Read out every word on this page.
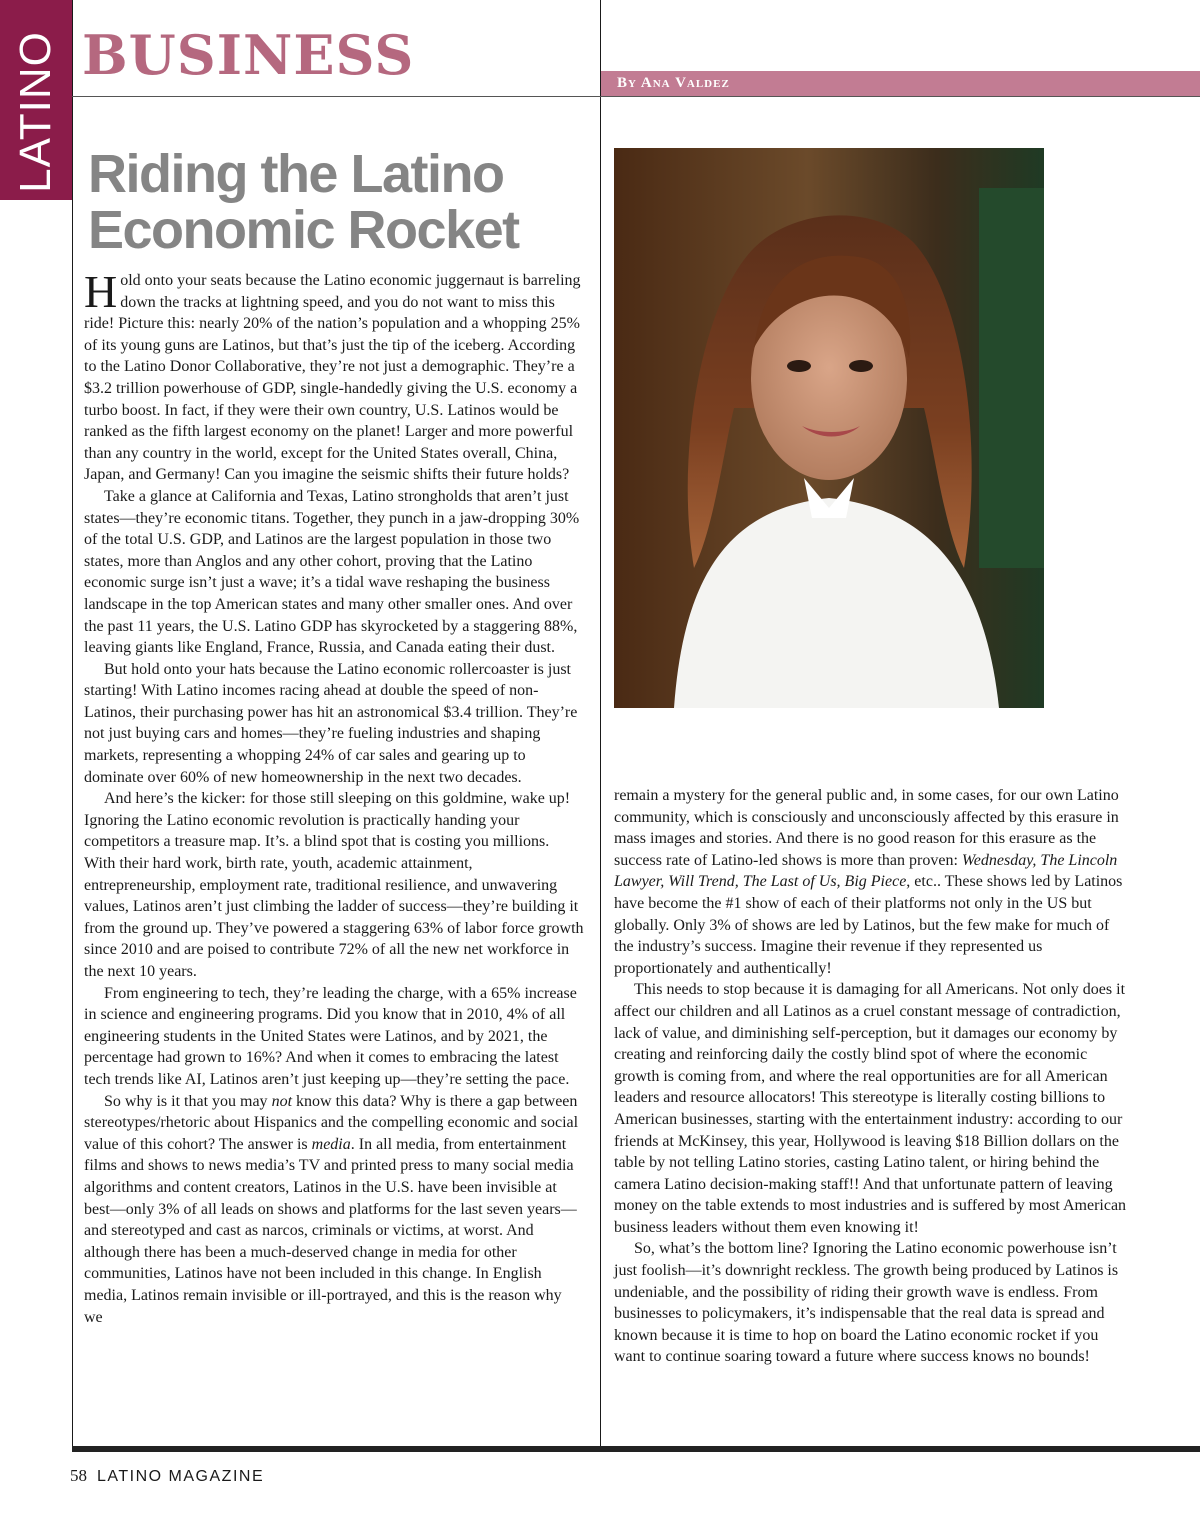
LATINO BUSINESS	By Ana Valdez
Riding the Latino Economic Rocket

Hold onto your seats because the Latino economic juggernaut is barreling down the tracks at lightning speed, and you do not want to miss this ride! Picture this: nearly 20% of the nation’s population and a whopping 25% of its young guns are Latinos, but that’s just the tip of the iceberg. According to the Latino Donor Collaborative, they’re not just a demographic. They’re a $3.2 trillion powerhouse of GDP, single-handedly giving the U.S. economy a turbo boost. In fact, if they were their own country, U.S. Latinos would be ranked as the fifth largest economy on the planet! Larger and more powerful than any country in the world, except for the United States overall, China, Japan, and Germany! Can you imagine the seismic shifts their future holds?

Take a glance at California and Texas, Latino strongholds that aren’t just states—they’re economic titans. Together, they punch in a jaw-dropping 30% of the total U.S. GDP, and Latinos are the largest population in those two states, more than Anglos and any other cohort, proving that the Latino economic surge isn’t just a wave; it’s a tidal wave reshaping the business landscape in the top American states and many other smaller ones. And over the past 11 years, the U.S. Latino GDP has skyrocketed by a staggering 88%, leaving giants like England, France, Russia, and Canada eating their dust.

But hold onto your hats because the Latino economic rollercoaster is just starting! With Latino incomes racing ahead at double the speed of non-Latinos, their purchasing power has hit an astronomical $3.4 trillion. They’re not just buying cars and homes—they’re fueling industries and shaping markets, representing a whopping 24% of car sales and gearing up to dominate over 60% of new homeownership in the next two decades.

And here’s the kicker: for those still sleeping on this goldmine, wake up! Ignoring the Latino economic revolution is practically handing your competitors a treasure map. It’s. a blind spot that is costing you millions. With their hard work, birth rate, youth, academic attainment, entrepreneurship, employment rate, traditional resilience, and unwavering values, Latinos aren’t just climbing the ladder of success—they’re building it from the ground up. They’ve powered a staggering 63% of labor force growth since 2010 and are poised to contribute 72% of all the new net workforce in the next 10 years.

From engineering to tech, they’re leading the charge, with a 65% increase in science and engineering programs. Did you know that in 2010, 4% of all engineering students in the United States were Latinos, and by 2021, the percentage had grown to 16%? And when it comes to embracing the latest tech trends like AI, Latinos aren’t just keeping up—they’re setting the pace.

So why is it that you may not know this data? Why is there a gap between stereotypes/rhetoric about Hispanics and the compelling economic and social value of this cohort? The answer is media. In all media, from entertainment films and shows to news media’s TV and printed press to many social media algorithms and content creators, Latinos in the U.S. have been invisible at best—only 3% of all leads on shows and platforms for the last seven years—and stereotyped and cast as narcos, criminals or victims, at worst. And although there has been a much-deserved change in media for other communities, Latinos have not been included in this change. In English media, Latinos remain invisible or ill-portrayed, and this is the reason why we

remain a mystery for the general public and, in some cases, for our own Latino community, which is consciously and unconsciously affected by this erasure in mass images and stories. And there is no good reason for this erasure as the success rate of Latino-led shows is more than proven: Wednesday, The Lincoln Lawyer, Will Trend, The Last of Us, Big Piece, etc.. These shows led by Latinos have become the #1 show of each of their platforms not only in the US but globally. Only 3% of shows are led by Latinos, but the few make for much of the industry’s success. Imagine their revenue if they represented us proportionately and authentically!

This needs to stop because it is damaging for all Americans. Not only does it affect our children and all Latinos as a cruel constant message of contradiction, lack of value, and diminishing self-perception, but it damages our economy by creating and reinforcing daily the costly blind spot of where the economic growth is coming from, and where the real opportunities are for all American leaders and resource allocators! This stereotype is literally costing billions to American businesses, starting with the entertainment industry: according to our friends at McKinsey, this year, Hollywood is leaving $18 Billion dollars on the table by not telling Latino stories, casting Latino talent, or hiring behind the camera Latino decision-making staff!! And that unfortunate pattern of leaving money on the table extends to most industries and is suffered by most American business leaders without them even knowing it!

So, what’s the bottom line? Ignoring the Latino economic powerhouse isn’t just foolish—it’s downright reckless. The growth being produced by Latinos is undeniable, and the possibility of riding their growth wave is endless. From businesses to policymakers, it’s indispensable that the real data is spread and known because it is time to hop on board the Latino economic rocket if you want to continue soaring toward a future where success knows no bounds!

58 LATINO MAGAZINE
